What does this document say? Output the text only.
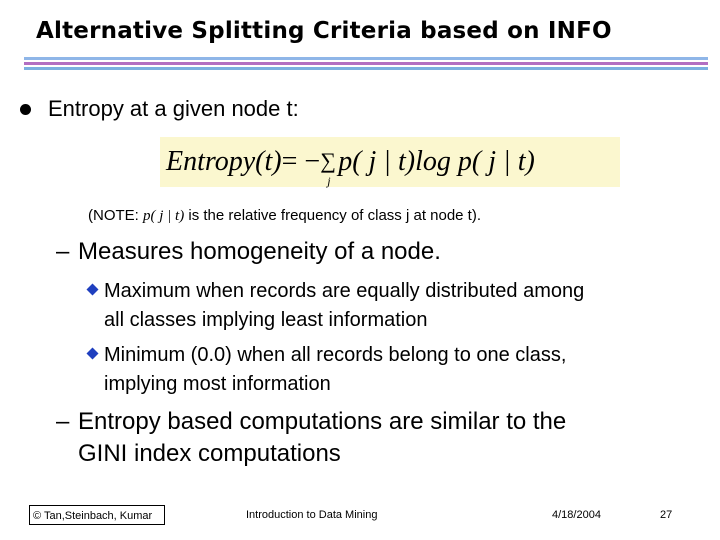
Alternative Splitting Criteria based on INFO
Entropy at a given node t:
Entropy(t) = − ∑
j
p( j | t)log p( j | t)
(NOTE: p( j | t) is the relative frequency of class j at node t).
– Measures homogeneity of a node.
Maximum when records are equally distributed among
all classes implying least information
Minimum (0.0) when all records belong to one class,
implying most information
– Entropy based computations are similar to the
GINI index computations
© Tan,Steinbach, Kumar	Introduction to Data Mining	4/18/2004	27
